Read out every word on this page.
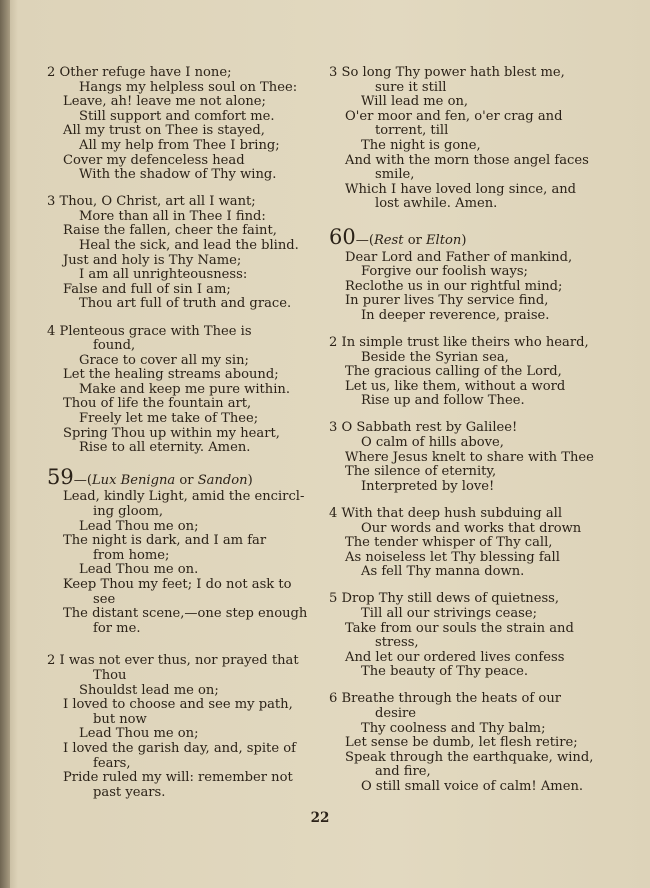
2 Other refuge have I none;
Hangs my helpless soul on Thee:
Leave, ah! leave me not alone;
Still support and comfort me.
All my trust on Thee is stayed,
All my help from Thee I bring;
Cover my defenceless head
With the shadow of Thy wing.
3 Thou, O Christ, art all I want;
More than all in Thee I find:
Raise the fallen, cheer the faint,
Heal the sick, and lead the blind.
Just and holy is Thy Name;
I am all unrighteousness:
False and full of sin I am;
Thou art full of truth and grace.
4 Plenteous grace with Thee is
found,
Grace to cover all my sin;
Let the healing streams abound;
Make and keep me pure within.
Thou of life the fountain art,
Freely let me take of Thee;
Spring Thou up within my heart,
Rise to all eternity. Amen.
59—(Lux Benigna or Sandon)
Lead, kindly Light, amid the encircl-
ing gloom,
Lead Thou me on;
The night is dark, and I am far
from home;
Lead Thou me on.
Keep Thou my feet; I do not ask to
see
The distant scene,—one step enough
for me.
2 I was not ever thus, nor prayed that
Thou
Shouldst lead me on;
I loved to choose and see my path,
but now
Lead Thou me on;
I loved the garish day, and, spite of
fears,
Pride ruled my will: remember not
past years.
3 So long Thy power hath blest me,
sure it still
Will lead me on,
O'er moor and fen, o'er crag and
torrent, till
The night is gone,
And with the morn those angel faces
smile,
Which I have loved long since, and
lost awhile. Amen.
60—(Rest or Elton)
Dear Lord and Father of mankind,
Forgive our foolish ways;
Reclothe us in our rightful mind;
In purer lives Thy service find,
In deeper reverence, praise.
2 In simple trust like theirs who heard,
Beside the Syrian sea,
The gracious calling of the Lord,
Let us, like them, without a word
Rise up and follow Thee.
3 O Sabbath rest by Galilee!
O calm of hills above,
Where Jesus knelt to share with Thee
The silence of eternity,
Interpreted by love!
4 With that deep hush subduing all
Our words and works that drown
The tender whisper of Thy call,
As noiseless let Thy blessing fall
As fell Thy manna down.
5 Drop Thy still dews of quietness,
Till all our strivings cease;
Take from our souls the strain and
stress,
And let our ordered lives confess
The beauty of Thy peace.
6 Breathe through the heats of our
desire
Thy coolness and Thy balm;
Let sense be dumb, let flesh retire;
Speak through the earthquake, wind,
and fire,
O still small voice of calm! Amen.
22
